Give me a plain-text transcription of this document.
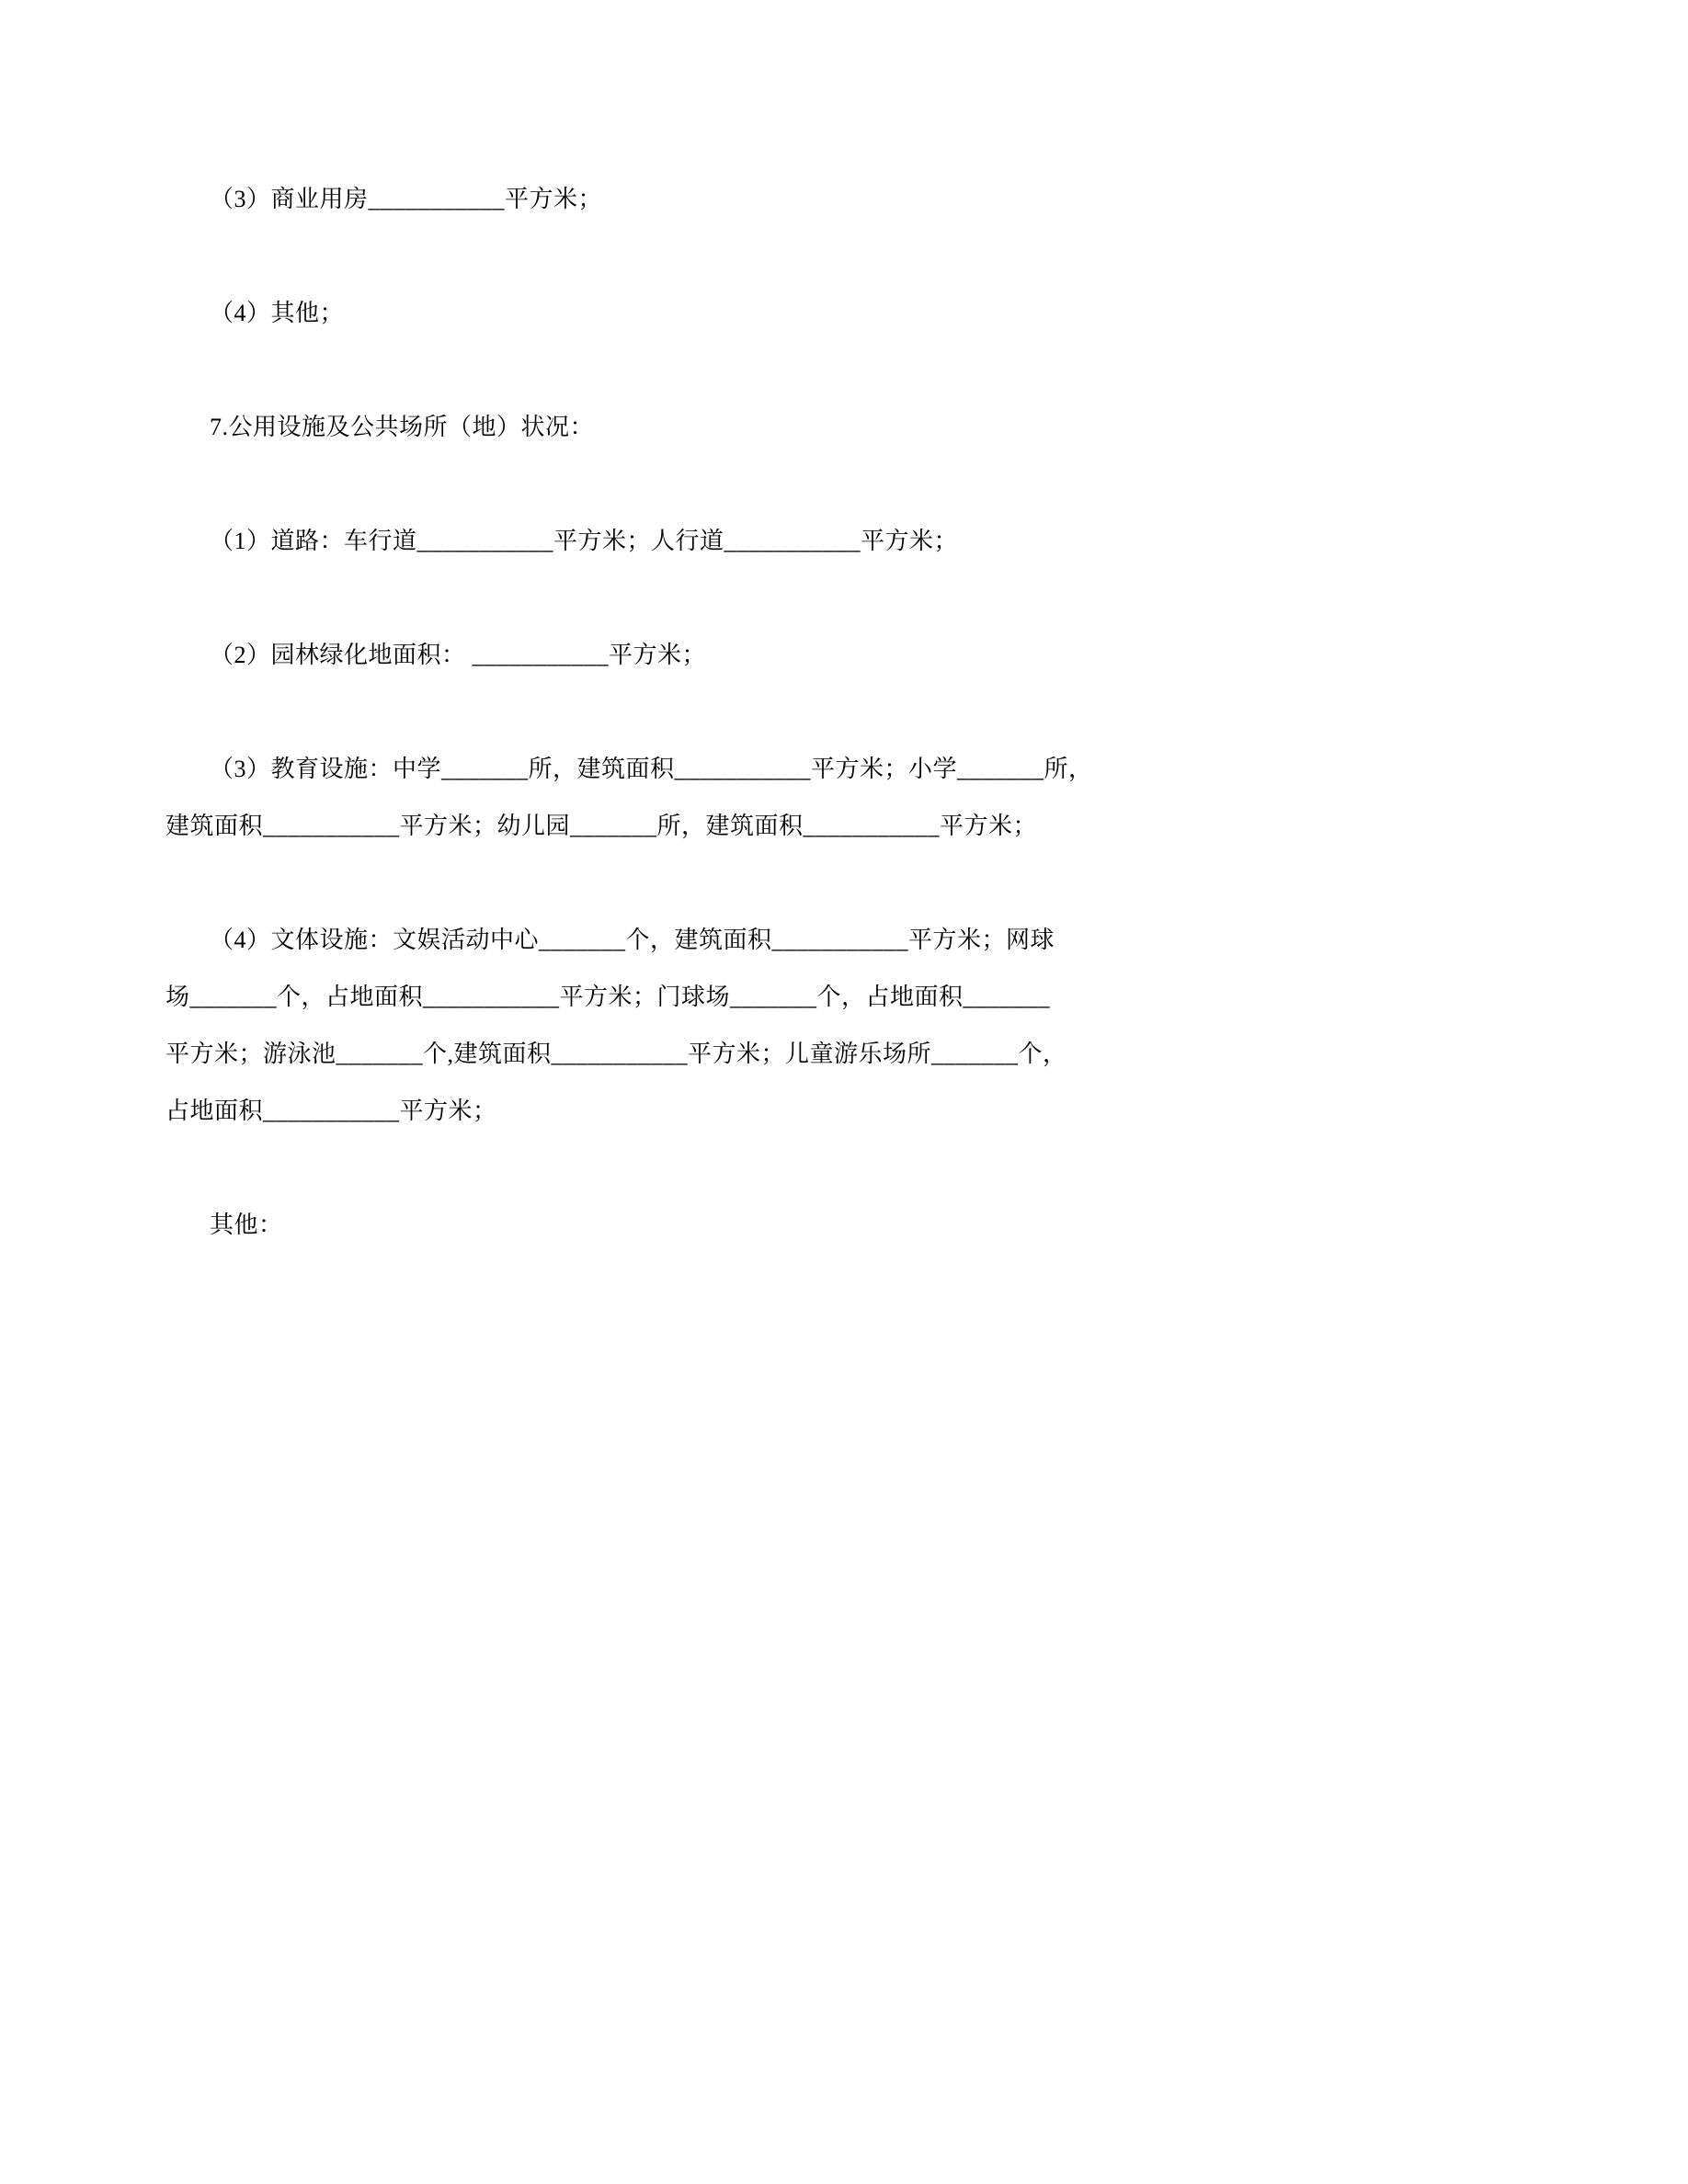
（3）商业用房___________平方米；
（4）其他；
7.公用设施及公共场所（地）状况：
（1）道路：车行道___________平方米；人行道___________平方米；
（2）园林绿化地面积： ___________平方米；
（3）教育设施：中学_______所，建筑面积___________平方米；小学_______所，
建筑面积___________平方米；幼儿园_______所，建筑面积___________平方米；
（4）文体设施：文娱活动中心_______个，建筑面积___________平方米；网球
场_______个，占地面积___________平方米；门球场_______个，占地面积_______
平方米；游泳池_______个,建筑面积___________平方米；儿童游乐场所_______个，
占地面积___________平方米；
其他：
